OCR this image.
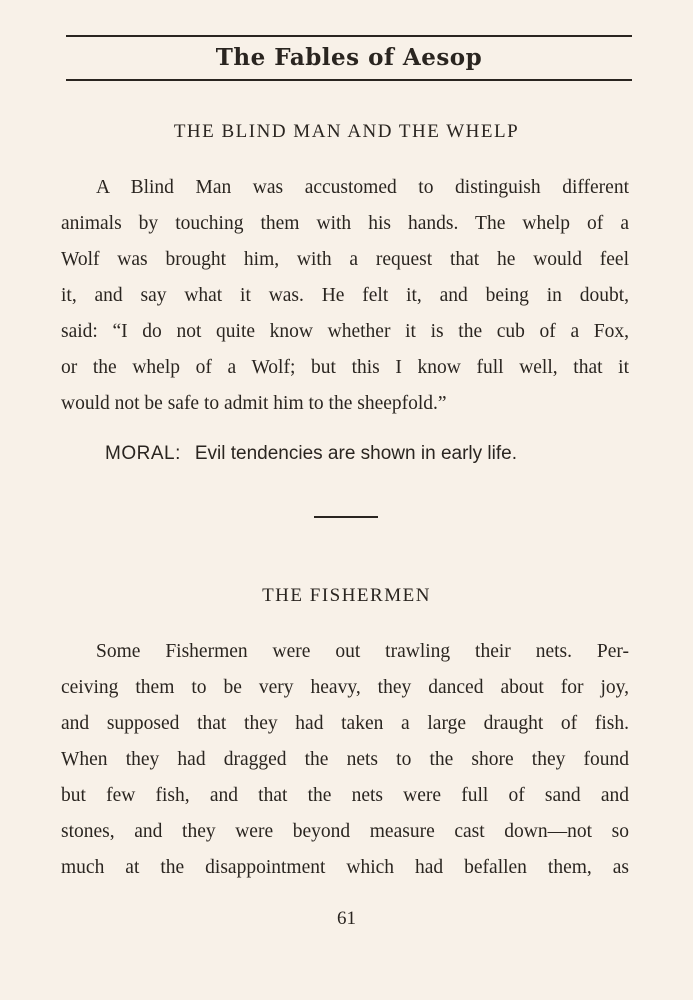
The Fables of Aesop
THE BLIND MAN AND THE WHELP
A Blind Man was accustomed to distinguish different
animals by touching them with his hands. The whelp of a
Wolf was brought him, with a request that he would feel
it, and say what it was. He felt it, and being in doubt,
said: “I do not quite know whether it is the cub of a Fox,
or the whelp of a Wolf; but this I know full well, that it
would not be safe to admit him to the sheepfold.”
MORAL: Evil tendencies are shown in early life.
THE FISHERMEN
Some Fishermen were out trawling their nets. Per-
ceiving them to be very heavy, they danced about for joy,
and supposed that they had taken a large draught of fish.
When they had dragged the nets to the shore they found
but few fish, and that the nets were full of sand and
stones, and they were beyond measure cast down—not so
much at the disappointment which had befallen them, as
61
